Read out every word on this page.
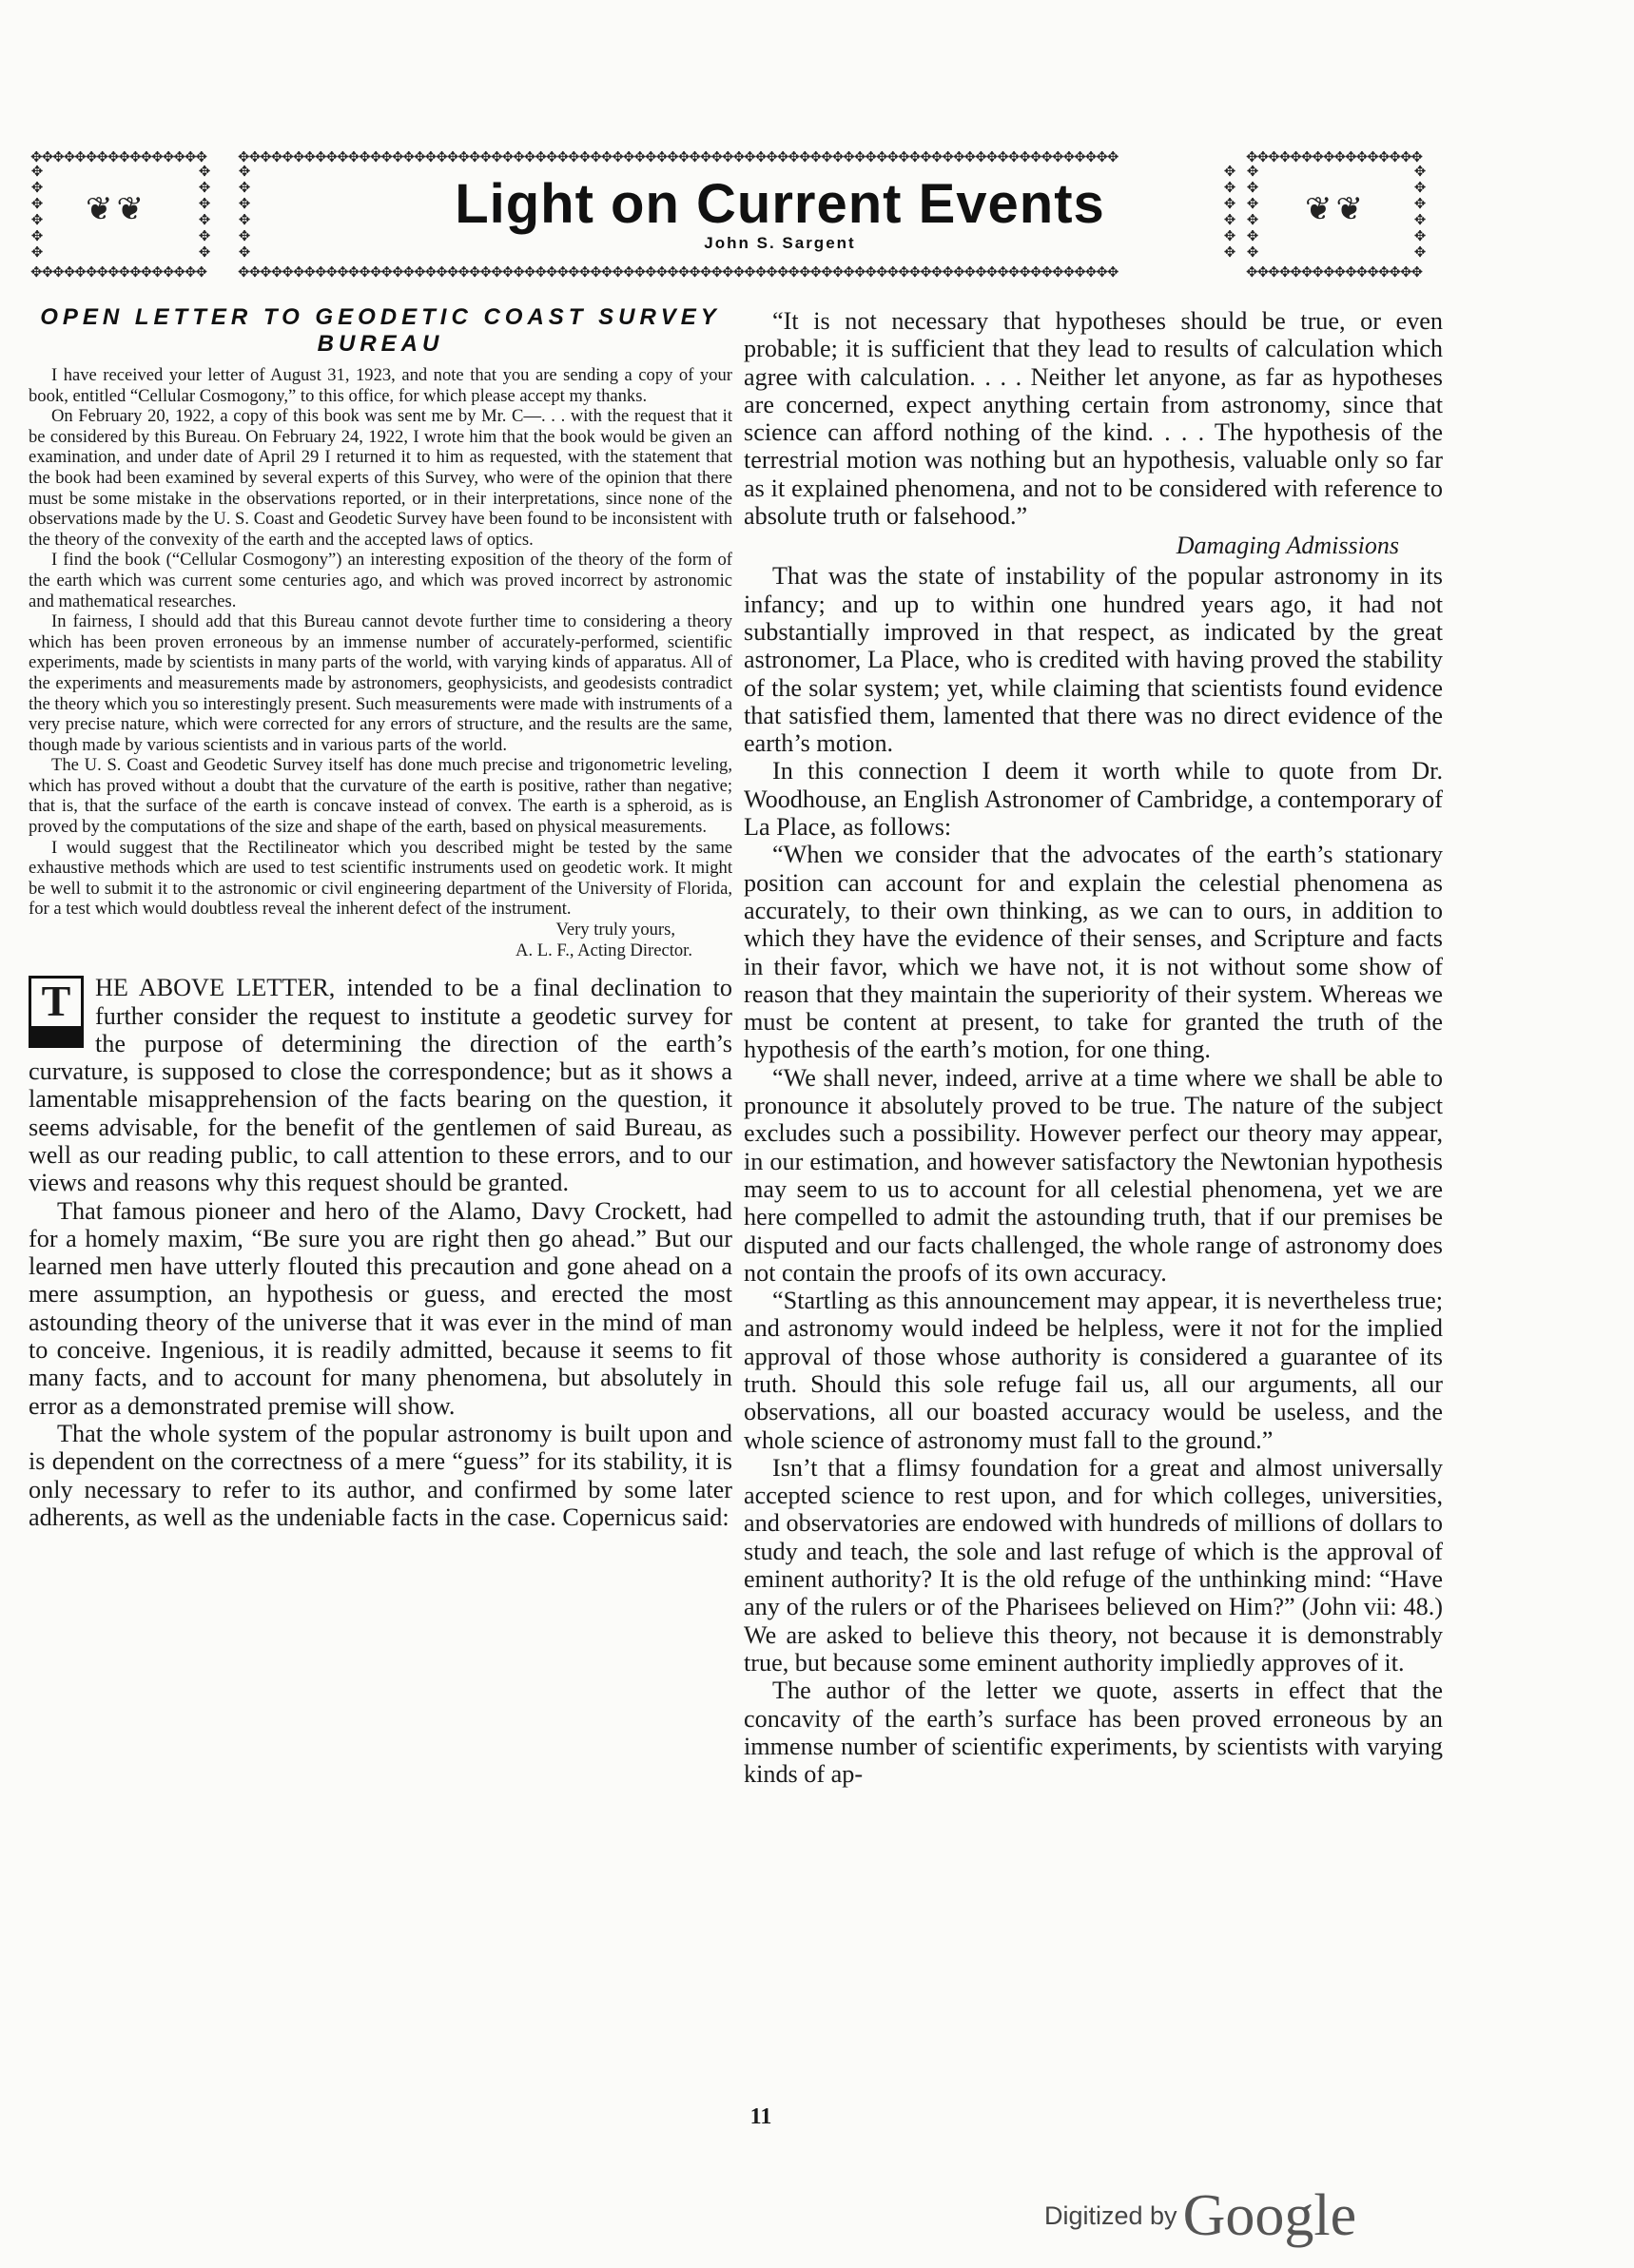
✥✥✥✥✥✥✥✥✥✥✥✥✥✥✥✥
✥✥✥✥✥✥✥✥✥✥✥✥✥✥✥✥
✥✥✥✥✥✥
✥✥✥✥✥✥
❦❦
✥✥✥✥✥✥✥✥✥✥✥✥✥✥✥✥✥✥✥✥✥✥✥✥✥✥✥✥✥✥✥✥✥✥✥✥✥✥✥✥✥✥✥✥✥✥✥✥✥✥✥✥✥✥✥✥✥✥✥✥✥✥✥✥✥✥✥✥✥✥✥✥✥✥✥✥✥✥✥✥
✥✥✥✥✥✥✥✥✥✥✥✥✥✥✥✥✥✥✥✥✥✥✥✥✥✥✥✥✥✥✥✥✥✥✥✥✥✥✥✥✥✥✥✥✥✥✥✥✥✥✥✥✥✥✥✥✥✥✥✥✥✥✥✥✥✥✥✥✥✥✥✥✥✥✥✥✥✥✥✥
✥✥✥✥✥✥
✥✥✥✥✥✥
Light on Current Events
John S. Sargent
✥✥✥✥✥✥✥✥✥✥✥✥✥✥✥✥
✥✥✥✥✥✥✥✥✥✥✥✥✥✥✥✥
✥✥✥✥✥✥
✥✥✥✥✥✥
❦❦
OPEN LETTER TO GEODETIC COAST SURVEY BUREAU

I have received your letter of August 31, 1923, and note that you are sending a copy of your book, entitled “Cellular Cosmogony,” to this office, for which please accept my thanks.

On February 20, 1922, a copy of this book was sent me by Mr. C—. . . with the request that it be considered by this Bureau. On February 24, 1922, I wrote him that the book would be given an examination, and under date of April 29 I returned it to him as requested, with the statement that the book had been examined by several experts of this Survey, who were of the opinion that there must be some mistake in the observations reported, or in their interpretations, since none of the observations made by the U. S. Coast and Geodetic Survey have been found to be inconsistent with the theory of the convexity of the earth and the accepted laws of optics.

I find the book (“Cellular Cosmogony”) an interesting exposition of the theory of the form of the earth which was current some centuries ago, and which was proved incorrect by astronomic and mathematical researches.

In fairness, I should add that this Bureau cannot devote further time to considering a theory which has been proven erroneous by an immense number of accurately-performed, scientific experiments, made by scientists in many parts of the world, with varying kinds of apparatus. All of the experiments and measurements made by astronomers, geophysicists, and geodesists contradict the theory which you so interestingly present. Such measurements were made with instruments of a very precise nature, which were corrected for any errors of structure, and the results are the same, though made by various scientists and in various parts of the world.

The U. S. Coast and Geodetic Survey itself has done much precise and trigonometric leveling, which has proved without a doubt that the curvature of the earth is positive, rather than negative; that is, that the surface of the earth is concave instead of convex. The earth is a spheroid, as is proved by the computations of the size and shape of the earth, based on physical measurements.

I would suggest that the Rectilineator which you described might be tested by the same exhaustive methods which are used to test scientific instruments used on geodetic work. It might be well to submit it to the astronomic or civil engineering department of the University of Florida, for a test which would doubtless reveal the inherent defect of the instrument.

Very truly yours,
A. L. F., Acting Director.

T HE ABOVE LETTER, intended to be a final declination to further consider the request to institute a geodetic survey for the purpose of determining the direction of the earth’s curvature, is supposed to close the correspondence; but as it shows a lamentable misapprehension of the facts bearing on the question, it seems advisable, for the benefit of the gentlemen of said Bureau, as well as our reading public, to call attention to these errors, and to our views and reasons why this request should be granted.

That famous pioneer and hero of the Alamo, Davy Crockett, had for a homely maxim, “Be sure you are right then go ahead.” But our learned men have utterly flouted this precaution and gone ahead on a mere assumption, an hypothesis or guess, and erected the most astounding theory of the universe that it was ever in the mind of man to conceive. Ingenious, it is readily admitted, because it seems to fit many facts, and to account for many phenomena, but absolutely in error as a demonstrated premise will show.

That the whole system of the popular astronomy is built upon and is dependent on the correctness of a mere “guess” for its stability, it is only necessary to refer to its author, and confirmed by some later adherents, as well as the undeniable facts in the case. Copernicus said:

“It is not necessary that hypotheses should be true, or even probable; it is sufficient that they lead to results of calculation which agree with calculation. . . . Neither let anyone, as far as hypotheses are concerned, expect anything certain from astronomy, since that science can afford nothing of the kind. . . . The hypothesis of the terrestrial motion was nothing but an hypothesis, valuable only so far as it explained phenomena, and not to be considered with reference to absolute truth or falsehood.”

Damaging Admissions

That was the state of instability of the popular astronomy in its infancy; and up to within one hundred years ago, it had not substantially improved in that respect, as indicated by the great astronomer, La Place, who is credited with having proved the stability of the solar system; yet, while claiming that scientists found evidence that satisfied them, lamented that there was no direct evidence of the earth’s motion.

In this connection I deem it worth while to quote from Dr. Woodhouse, an English Astronomer of Cambridge, a contemporary of La Place, as follows:

“When we consider that the advocates of the earth’s stationary position can account for and explain the celestial phenomena as accurately, to their own thinking, as we can to ours, in addition to which they have the evidence of their senses, and Scripture and facts in their favor, which we have not, it is not without some show of reason that they maintain the superiority of their system. Whereas we must be content at present, to take for granted the truth of the hypothesis of the earth’s motion, for one thing.

“We shall never, indeed, arrive at a time where we shall be able to pronounce it absolutely proved to be true. The nature of the subject excludes such a possibility. However perfect our theory may appear, in our estimation, and however satisfactory the Newtonian hypothesis may seem to us to account for all celestial phenomena, yet we are here compelled to admit the astounding truth, that if our premises be disputed and our facts challenged, the whole range of astronomy does not contain the proofs of its own accuracy.

“Startling as this announcement may appear, it is nevertheless true; and astronomy would indeed be helpless, were it not for the implied approval of those whose authority is considered a guarantee of its truth. Should this sole refuge fail us, all our arguments, all our observations, all our boasted accuracy would be useless, and the whole science of astronomy must fall to the ground.”

Isn’t that a flimsy foundation for a great and almost universally accepted science to rest upon, and for which colleges, universities, and observatories are endowed with hundreds of millions of dollars to study and teach, the sole and last refuge of which is the approval of eminent authority? It is the old refuge of the unthinking mind: “Have any of the rulers or of the Pharisees believed on Him?” (John vii: 48.) We are asked to believe this theory, not because it is demonstrably true, but because some eminent authority impliedly approves of it.

The author of the letter we quote, asserts in effect that the concavity of the earth’s surface has been proved erroneous by an immense number of scientific experiments, by scientists with varying kinds of ap-

11
Digitized byGoogle
